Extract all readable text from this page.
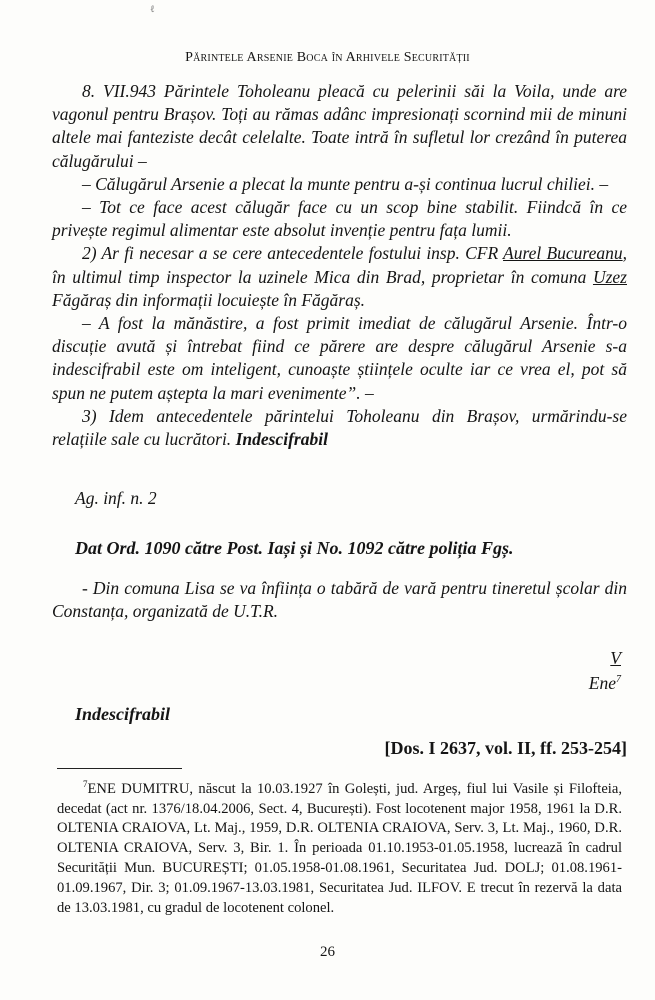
ℓ
Părintele Arsenie Boca în Arhivele Securității

8. VII.943 Părintele Toholeanu pleacă cu pelerinii săi la Voila, unde are vagonul pentru Brașov. Toți au rămas adânc impresionați scornind mii de minuni altele mai fanteziste decât celelalte. Toate intră în sufletul lor crezând în puterea călugărului –

– Călugărul Arsenie a plecat la munte pentru a-și continua lucrul chiliei. –

– Tot ce face acest călugăr face cu un scop bine stabilit. Fiindcă în ce privește regimul alimentar este absolut invenție pentru fața lumii.

2) Ar fi necesar a se cere antecedentele fostului insp. CFR Aurel Bucureanu, în ultimul timp inspector la uzinele Mica din Brad, proprietar în comuna Uzez Făgăraș din informații locuiește în Făgăraș.

– A fost la mănăstire, a fost primit imediat de călugărul Arsenie. Într-o discuție avută și întrebat fiind ce părere are despre călugărul Arsenie s-a indescifrabil este om inteligent, cunoaște științele oculte iar ce vrea el, pot să spun ne putem aștepta la mari evenimente”. –

3) Idem antecedentele părintelui Toholeanu din Brașov, urmărindu-se relațiile sale cu lucrători. Indescifrabil

Ag. inf. n. 2
Dat Ord. 1090 către Post. Iași și No. 1092 către poliția Fgș.

- Din comuna Lisa se va înființa o tabără de vară pentru tineretul școlar din Constanța, organizată de U.T.R.

V
Ene$^7$
Indescifrabil
[Dos. I 2637, vol. II, ff. 253-254]

$^7$ENE DUMITRU, născut la 10.03.1927 în Golești, jud. Argeș, fiul lui Vasile și Filofteia, decedat (act nr. 1376/18.04.2006, Sect. 4, București). Fost locotenent major 1958, 1961 la D.R. OLTENIA CRAIOVA, Lt. Maj., 1959, D.R. OLTENIA CRAIOVA, Serv. 3, Lt. Maj., 1960, D.R. OLTENIA CRAIOVA, Serv. 3, Bir. 1. În perioada 01.10.1953-01.05.1958, lucrează în cadrul Securității Mun. BUCUREȘTI; 01.05.1958-01.08.1961, Securitatea Jud. DOLJ; 01.08.1961-01.09.1967, Dir. 3; 01.09.1967-13.03.1981, Securitatea Jud. ILFOV. E trecut în rezervă la data de 13.03.1981, cu gradul de locotenent colonel.

26
